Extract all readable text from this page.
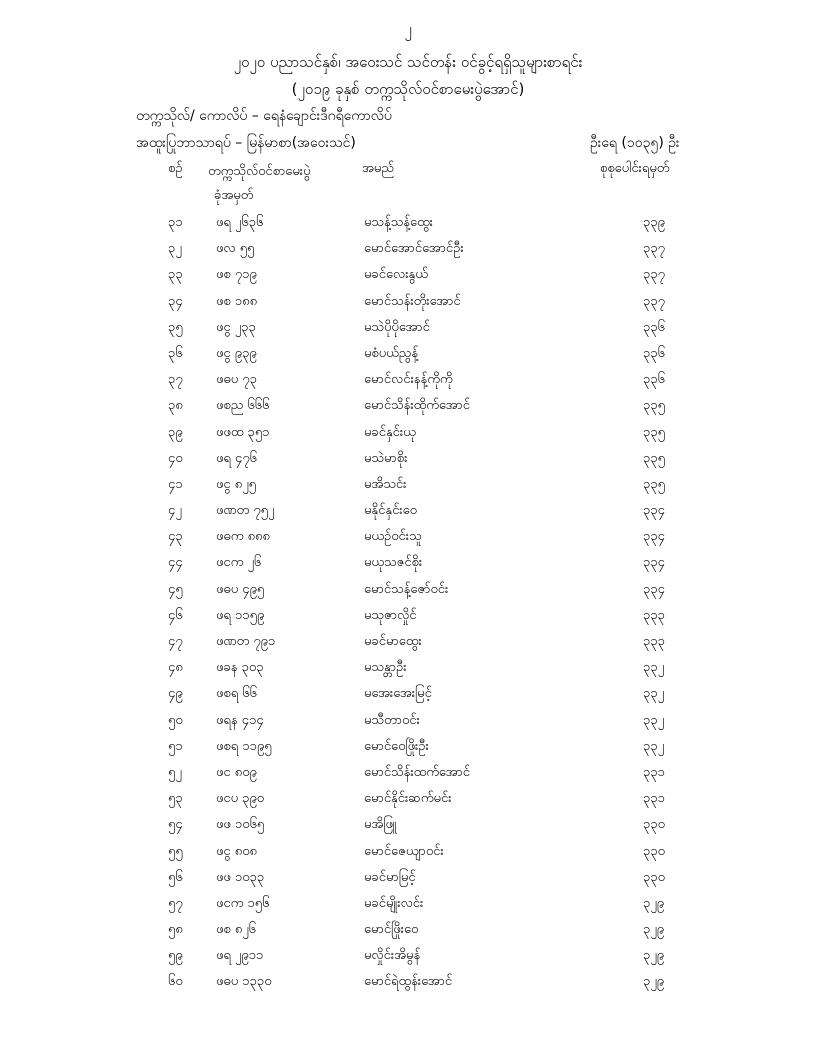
၂
၂၀၂၀ ပညာသင်နှစ်၊ အဝေးသင် သင်တန်း ဝင်ခွင့်ရရှိသူများစာရင်း
(၂၀၁၉ ခုနှစ် တက္ကသိုလ်ဝင်စာမေးပွဲအောင်)
တက္ကသိုလ်/ ကောလိပ် – ရေနံချောင်းဒီဂရီကောလိပ်
အထူးပြုဘာသာရပ် – မြန်မာစာ(အဝေးသင်)	ဦးရေ (၁၀၃၅) ဦး
စဉ် တက္ကသိုလ်ဝင်စာမေးပွဲ
ခုံအမှတ်
အမည်	စုစုပေါင်းရမှတ်
၃၁	ဖရ ၂၆၃၆	မသန့်သန့်ထွေး	၃၃၉
၃၂	ဖလ ၅၅	မောင်အောင်အောင်ဦး	၃၃၇
၃၃	ဖစ ၇၁၉	မခင်လေးနွယ်	၃၃၇
၃၄	ဖစ ၁၈၈	မောင်သန်းတိုးအောင်	၃၃၇
၃၅	ဖငွ ၂၃၃	မသဲပိုပိုအောင်	၃၃၆
၃၆	ဖငွ ၉၃၉	မစံပယ်ညွန့်	၃၃၆
၃၇	ဖဓပ ၇၃	မောင်လင်းနန့်ကိုကို	၃၃၆
၃၈	ဖစည ၆၆၆	မောင်သိန်းထိုက်အောင်	၃၃၅
၃၉	ဖဖထ ၃၅၁	မခင်နှင်းယု	၃၃၅
၄၀	ဖရ ၄၇၆	မသဲမာစိုး	၃၃၅
၄၁	ဖငွ ၈၂၅	မအိသင်း	၃၃၅
၄၂	ဖဏတ ၇၅၂	မနိုင်နှင်းဝေ	၃၃၄
၄၃	ဖဓက ၈၈၈	မယဉ်ဝင်းသူ	၃၃၄
၄၄	ဖငက ၂၆	မယုသဇင်စိုး	၃၃၄
၄၅	ဖဓပ ၄၉၅	မောင်သန့်ဇော်ဝင်း	၃၃၄
၄၆	ဖရ ၁၁၅၉	မသုဇာလှိုင်	၃၃၃
၄၇	ဖဏတ ၇၉၁	မခင်မာထွေး	၃၃၃
၄၈	ဖခန ၃၀၃	မသန္တာဦး	၃၃၂
၄၉	ဖစရ ၆၆	မအေးအေးမြင့်	၃၃၂
၅၀	ဖရန ၄၁၄	မသီတာဝင်း	၃၃၂
၅၁	ဖစရ ၁၁၉၅	မောင်ဝေဖြိုးဦး	၃၃၂
၅၂	ဖင ၈၀၉	မောင်သိန်းထက်အောင်	၃၃၁
၅၃	ဖငပ ၃၉၀	မောင်နိုင်းဆက်မင်း	၃၃၁
၅၄	ဖဖ ၁၀၆၅	မအိဖြူ	၃၃၀
၅၅	ဖငွ ၈၀၈	မောင်ဇေယျာဝင်း	၃၃၀
၅၆	ဖဖ ၁၀၃၃	မခင်မာမြင့်	၃၃၀
၅၇	ဖငက ၁၅၆	မခင်မျိုးလင်း	၃၂၉
၅၈	ဖစ ၈၂၆	မောင်ဖြိုးဝေ	၃၂၉
၅၉	ဖရ ၂၉၁၁	မလှိုင်းအိမွန်	၃၂၉
၆၀	ဖဓပ ၁၃၃၀	မောင်ရဲထွန်းအောင်	၃၂၉
